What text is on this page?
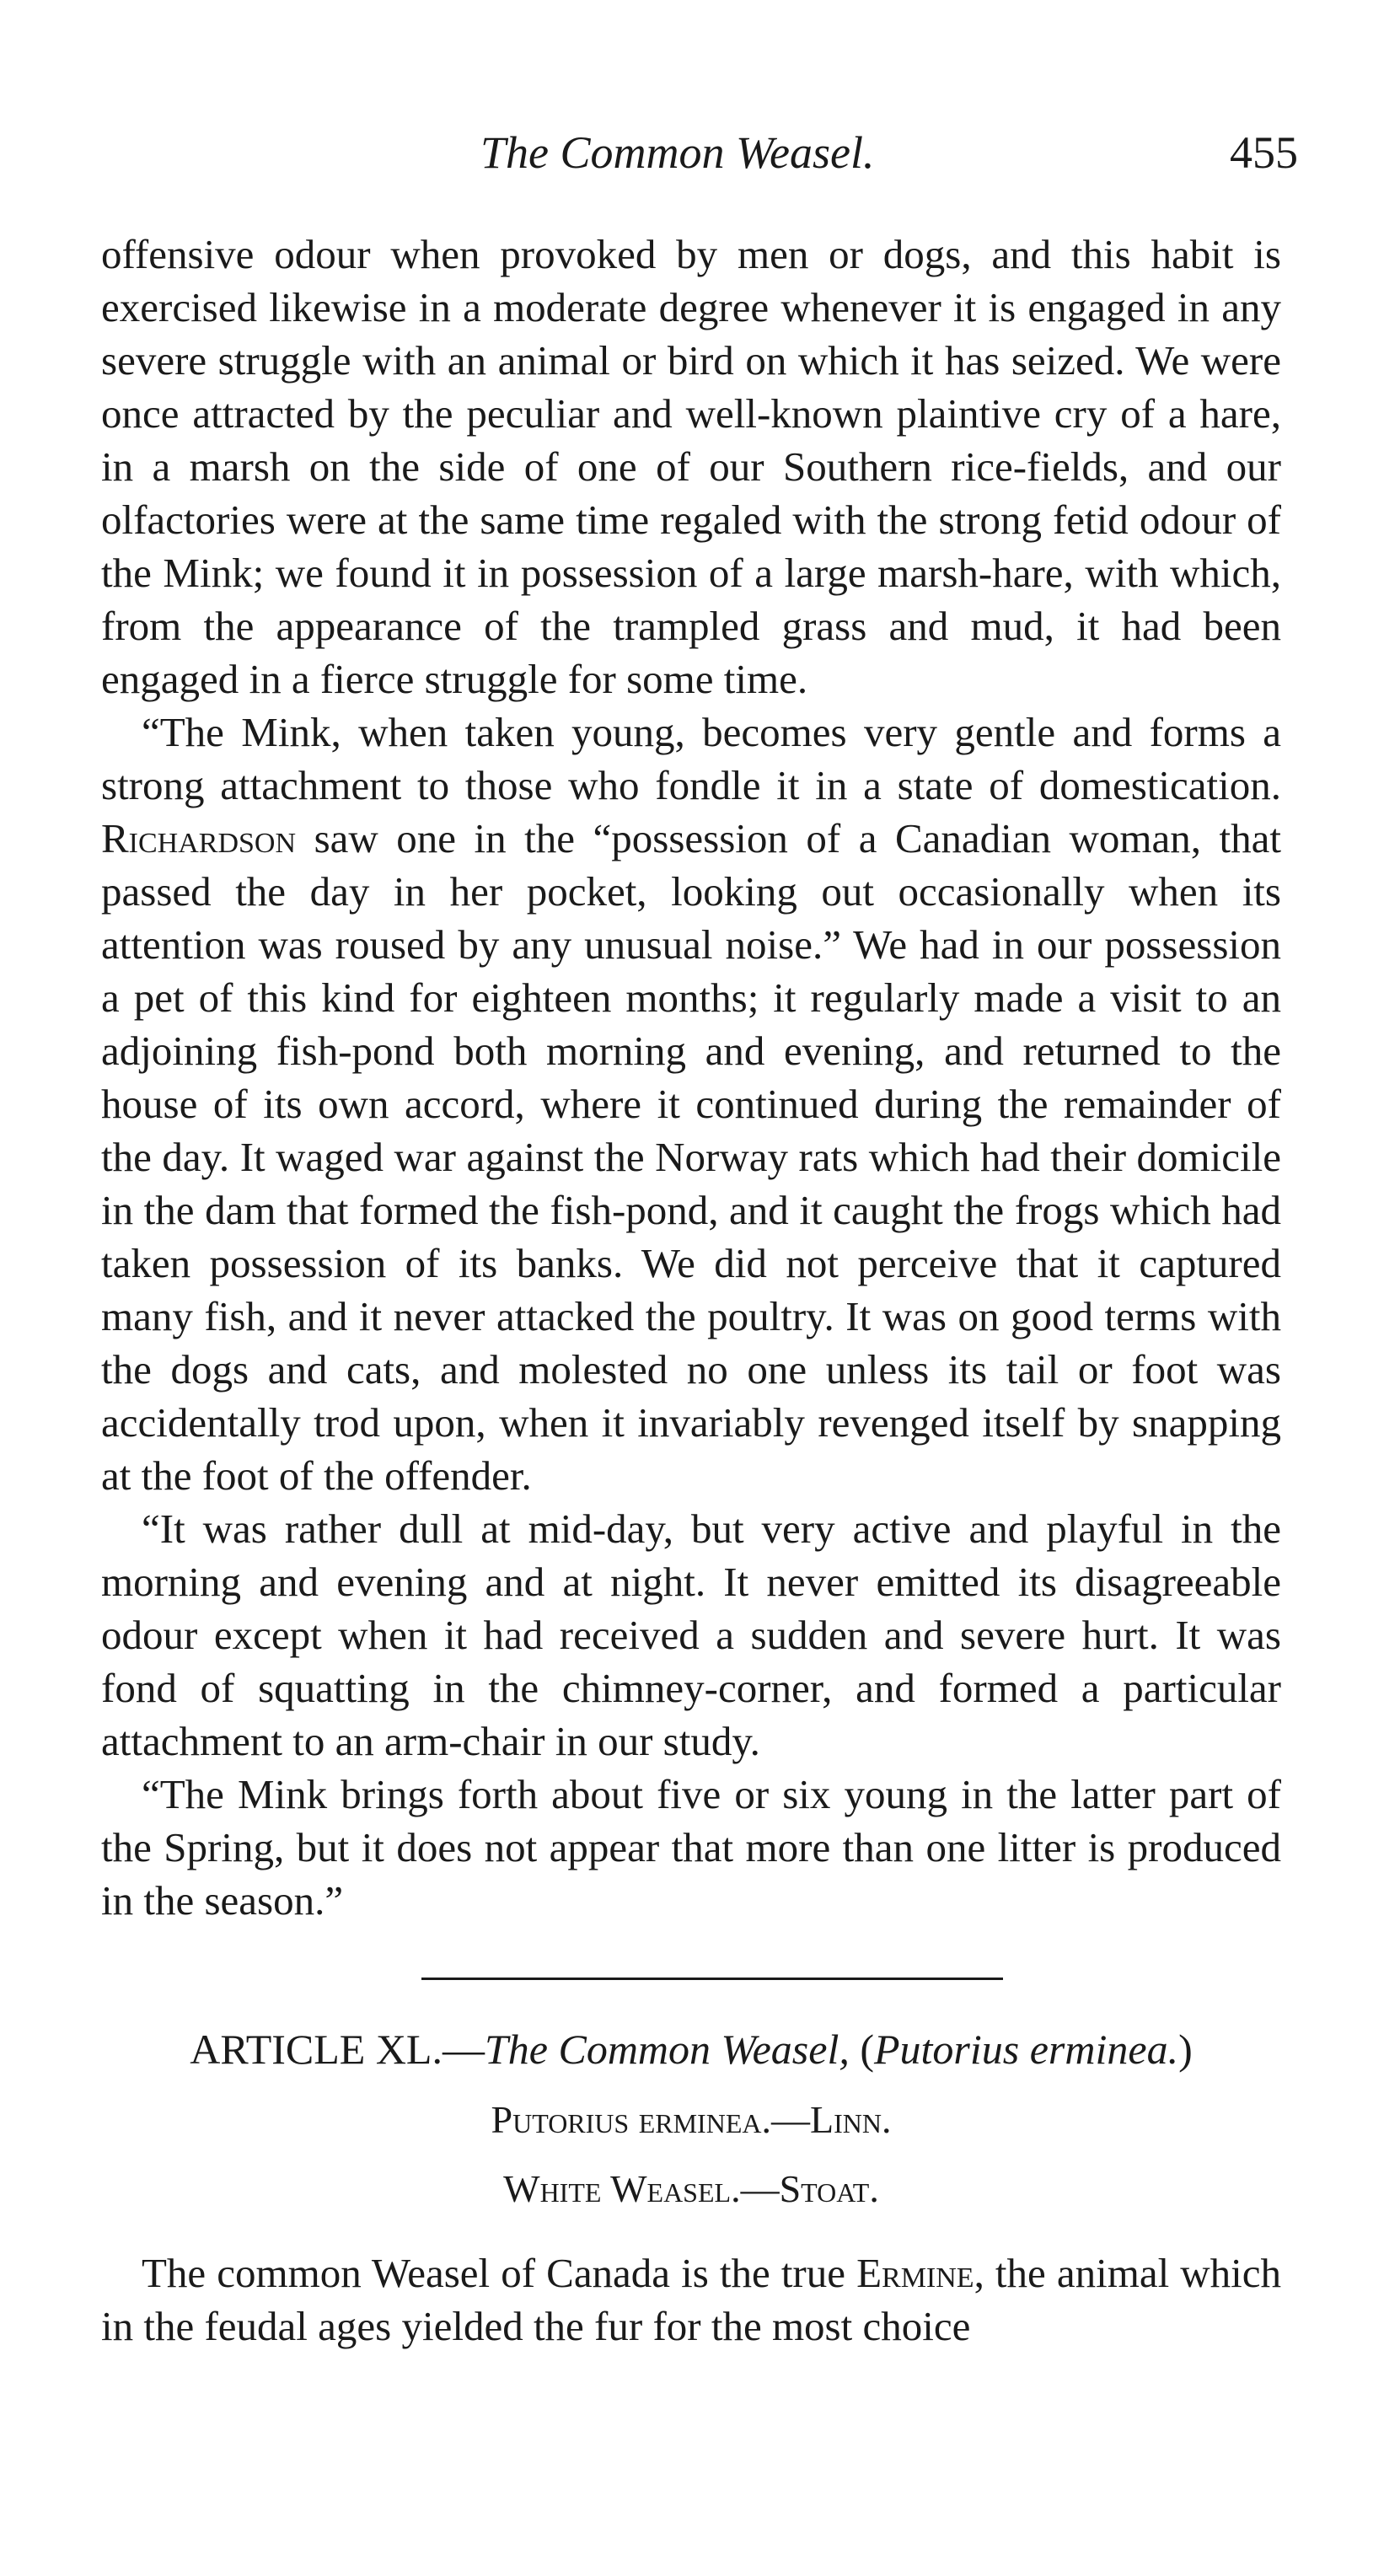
The Common Weasel.	455

offensive odour when provoked by men or dogs, and this habit is exercised likewise in a moderate degree whenever it is engaged in any severe struggle with an animal or bird on which it has seized. We were once attracted by the peculiar and well-known plaintive cry of a hare, in a marsh on the side of one of our Southern rice-fields, and our olfactories were at the same time regaled with the strong fetid odour of the Mink; we found it in possession of a large marsh-hare, with which, from the appearance of the trampled grass and mud, it had been engaged in a fierce struggle for some time.

“The Mink, when taken young, becomes very gentle and forms a strong attachment to those who fondle it in a state of domestication. Richardson saw one in the “possession of a Canadian woman, that passed the day in her pocket, looking out occasionally when its attention was roused by any unusual noise.” We had in our possession a pet of this kind for eighteen months; it regularly made a visit to an adjoining fish-pond both morning and evening, and returned to the house of its own accord, where it continued during the remainder of the day. It waged war against the Norway rats which had their domicile in the dam that formed the fish-pond, and it caught the frogs which had taken possession of its banks. We did not perceive that it captured many fish, and it never attacked the poultry. It was on good terms with the dogs and cats, and molested no one unless its tail or foot was accidentally trod upon, when it invariably revenged itself by snapping at the foot of the offender.

“It was rather dull at mid-day, but very active and playful in the morning and evening and at night. It never emitted its disagreeable odour except when it had received a sudden and severe hurt. It was fond of squatting in the chimney-corner, and formed a particular attachment to an arm-chair in our study.

“The Mink brings forth about five or six young in the latter part of the Spring, but it does not appear that more than one litter is produced in the season.”

ARTICLE XL.—The Common Weasel, (Putorius erminea.)

Putorius erminea.—Linn.

White Weasel.—Stoat.

The common Weasel of Canada is the true Ermine, the animal which in the feudal ages yielded the fur for the most choice
